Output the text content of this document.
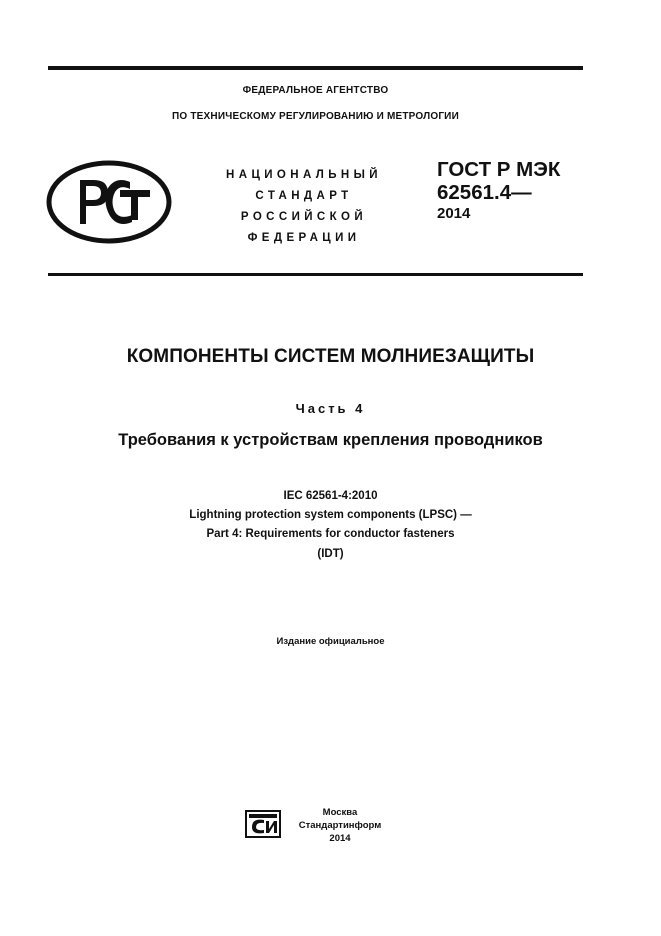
ФЕДЕРАЛЬНОЕ АГЕНТСТВО
ПО ТЕХНИЧЕСКОМУ РЕГУЛИРОВАНИЮ И МЕТРОЛОГИИ
НАЦИОНАЛЬНЫЙ
СТАНДАРТ
РОССИЙСКОЙ
ФЕДЕРАЦИИ
ГОСТ Р МЭК
62561.4—
2014
КОМПОНЕНТЫ СИСТЕМ МОЛНИЕЗАЩИТЫ
Часть 4
Требования к устройствам крепления проводников
IEC 62561-4:2010
Lightning protection system components (LPSC) —
Part 4: Requirements for conductor fasteners
(IDT)
Издание официальное
Москва
Стандартинформ
2014
